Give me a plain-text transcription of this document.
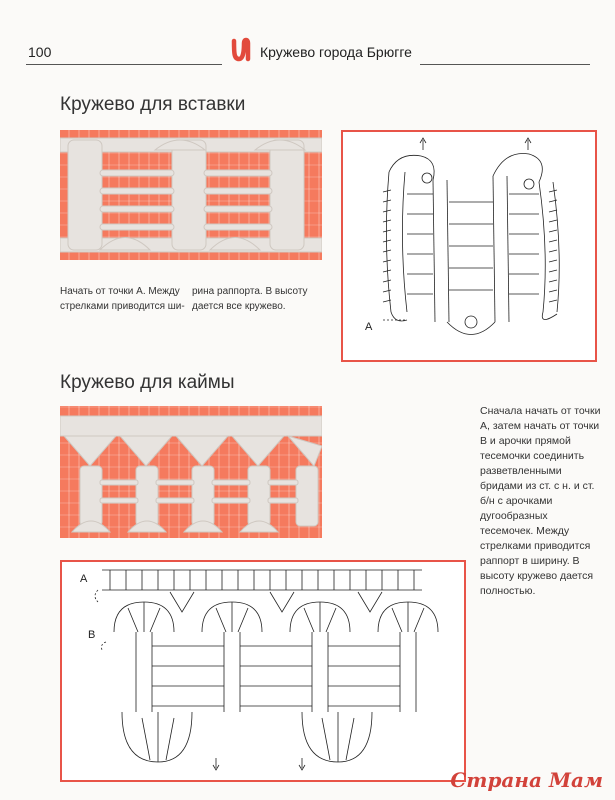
100	Кружево города Брюгге
Кружево для вставки
A
Начать от точки А. Между стрелками приводится ши-
рина раппорта. В высоту дается все кружево.
Кружево для каймы
Сначала начать от точки А, затем начать от точки В и арочки прямой тесемочки соединить разветвленными бридами из ст. с н. и ст. б/н с арочками дугообразных тесемочек. Между стрелками приводится раппорт в ширину. В высоту кружево дается полностью.
A
B
Страна Мам
